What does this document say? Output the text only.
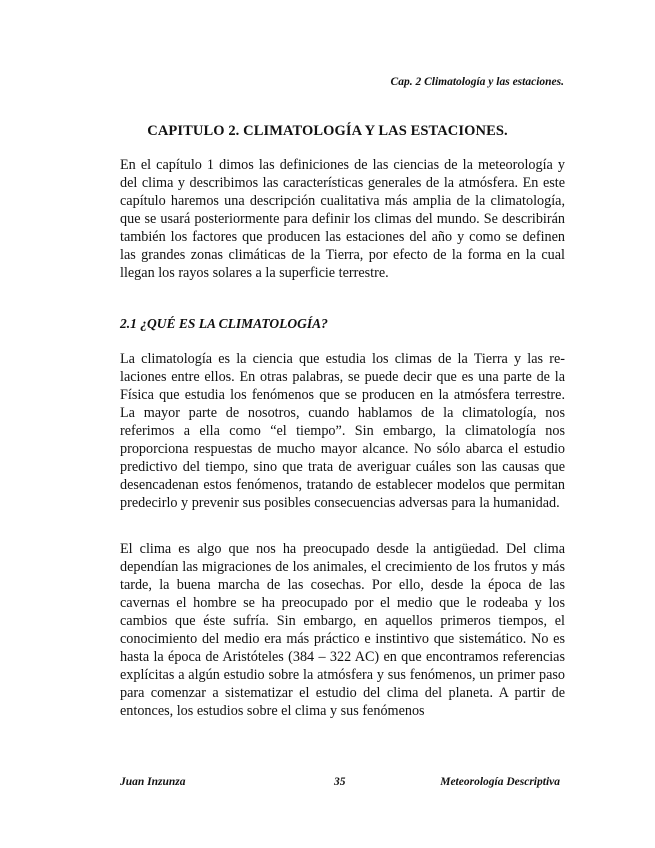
Cap. 2 Climatología y las estaciones.
CAPITULO 2. CLIMATOLOGÍA Y LAS ESTACIONES.

En el capítulo 1 dimos las definiciones de las ciencias de la meteorología y del clima y describimos las características generales de la atmósfera. En este capítulo haremos una descripción cualitativa más amplia de la climatología, que se usará posteriormente para definir los climas del mundo. Se describirán también los factores que producen las estaciones del año y como se definen las grandes zonas climáticas de la Tierra, por efecto de la forma en la cual llegan los rayos solares a la superficie terrestre.

2.1 ¿QUÉ ES LA CLIMATOLOGÍA?

La climatología es la ciencia que estudia los climas de la Tierra y las relaciones entre ellos. En otras palabras, se puede decir que es una parte de la Física que estudia los fenómenos que se producen en la atmósfera terrestre. La mayor parte de nosotros, cuando hablamos de la climatología, nos referimos a ella como “el tiempo”. Sin embargo, la climatología nos proporciona respuestas de mucho mayor alcance. No sólo abarca el estudio predictivo del tiempo, sino que trata de averiguar cuáles son las causas que desencadenan estos fenómenos, tratando de establecer modelos que permitan predecirlo y prevenir sus posibles consecuencias adversas para la humanidad.

El clima es algo que nos ha preocupado desde la antigüedad. Del clima dependían las migraciones de los animales, el crecimiento de los frutos y más tarde, la buena marcha de las cosechas. Por ello, desde la época de las cavernas el hombre se ha preocupado por el medio que le rodeaba y los cambios que éste sufría. Sin embargo, en aquellos primeros tiempos, el conocimiento del medio era más práctico e instintivo que sistemático. No es hasta la época de Aristóteles (384 – 322 AC) en que encontramos referencias explícitas a algún estudio sobre la atmósfera y sus fenómenos, un primer paso para comenzar a sistematizar el estudio del clima del planeta. A partir de entonces, los estudios sobre el clima y sus fenómenos

Juan Inzunza	35	Meteorología Descriptiva
